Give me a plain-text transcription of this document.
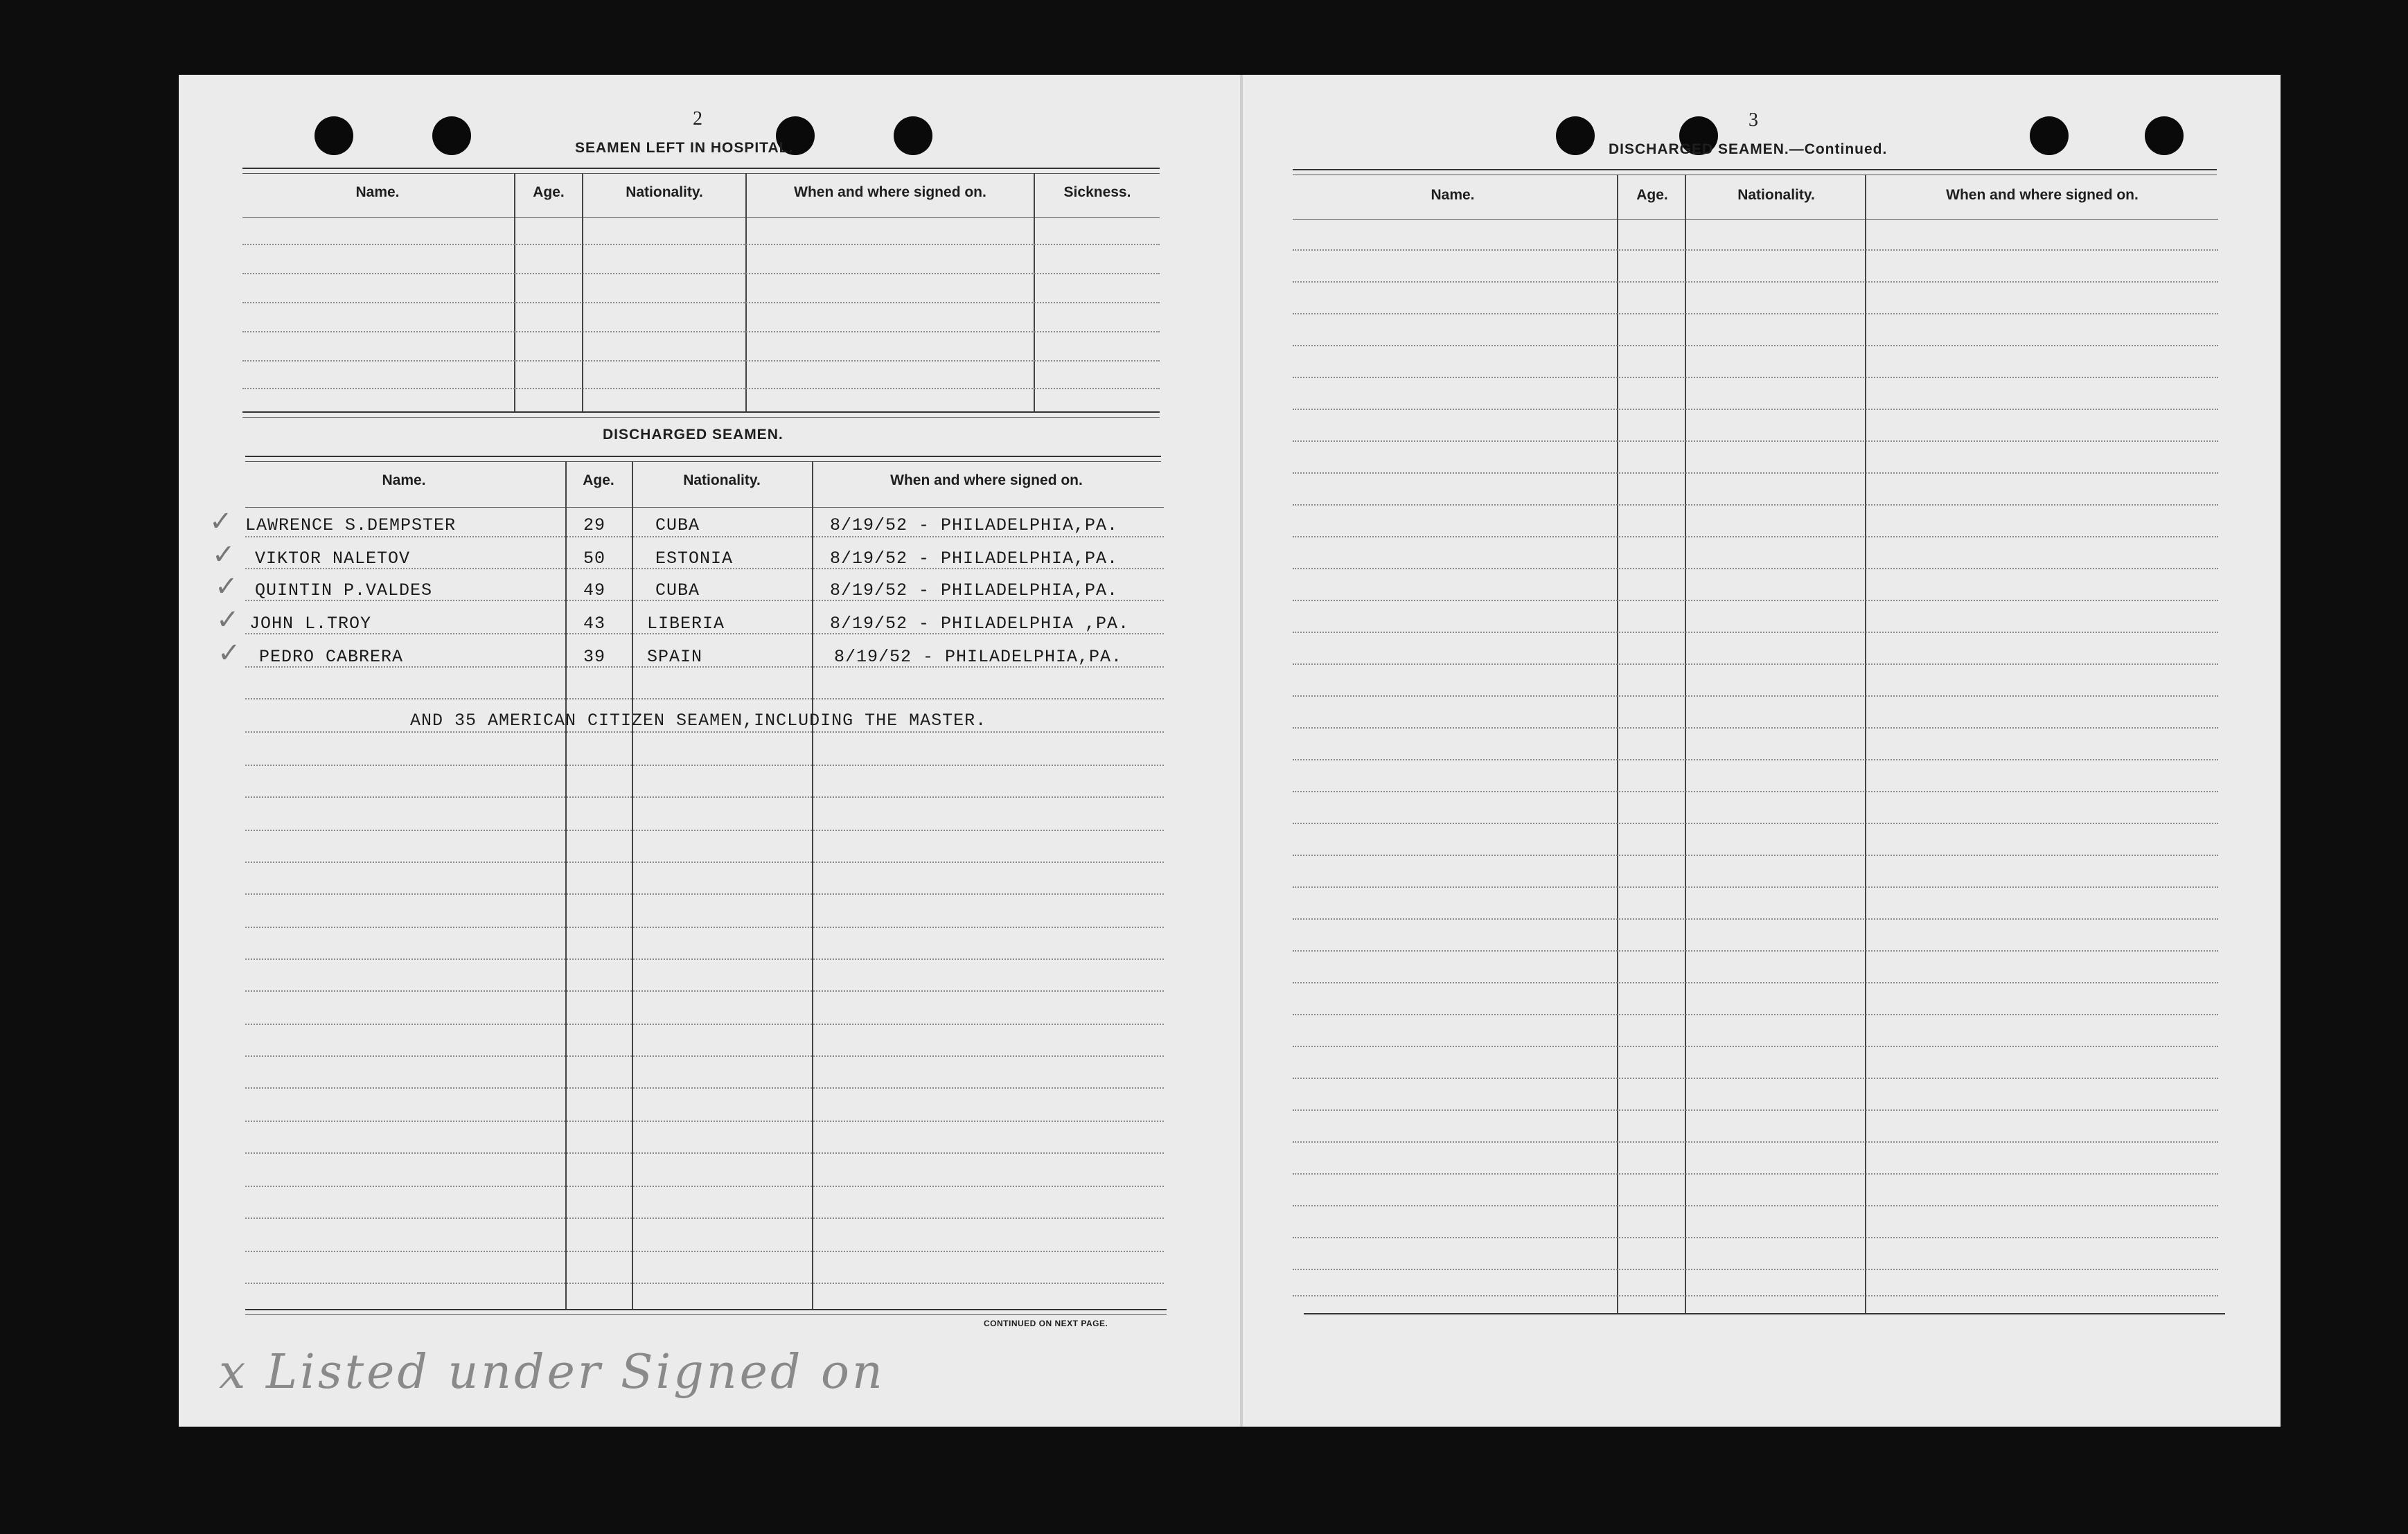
2
SEAMEN LEFT IN HOSPITAL.
Name.	Age.	Nationality.	When and where signed on.	Sickness.
DISCHARGED SEAMEN.
Name.	Age.	Nationality.	When and where signed on.
✓ LAWRENCE S.DEMPSTER	29	CUBA	8/19/52 - PHILADELPHIA,PA.
✓ VIKTOR NALETOV	50	ESTONIA	8/19/52 - PHILADELPHIA,PA.
✓ QUINTIN P.VALDES	49	CUBA	8/19/52 - PHILADELPHIA,PA.
✓ JOHN L.TROY	43 LIBERIA	8/19/52 - PHILADELPHIA ,PA.
✓ PEDRO CABRERA	39 SPAIN	8/19/52 - PHILADELPHIA,PA.
AND 35 AMERICAN CITIZEN SEAMEN,INCLUDING THE MASTER.
CONTINUED ON NEXT PAGE.
x Listed under Signed on
3
DISCHARGED SEAMEN.—Continued.
Name.	Age.	Nationality.	When and where signed on.
